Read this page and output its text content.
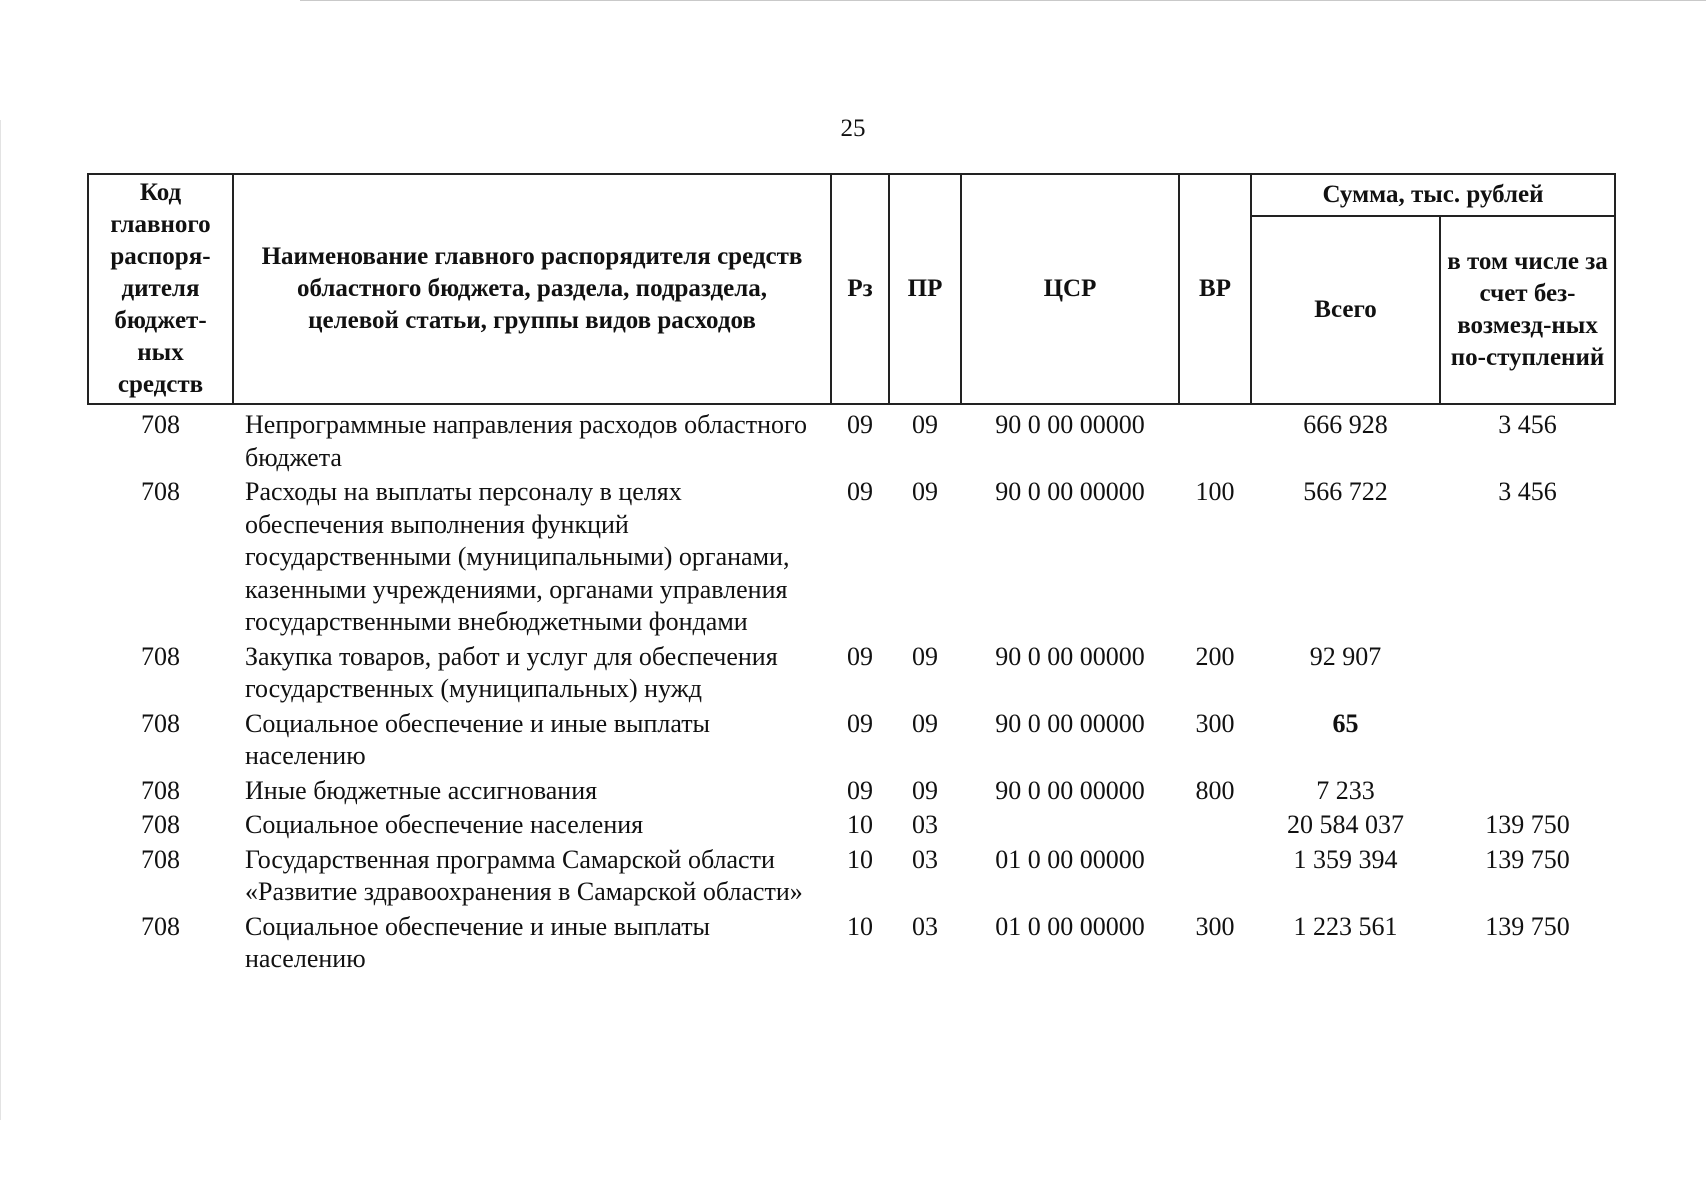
25
Код главного распоря-дителя бюджет-ных средств	Наименование главного распорядителя средств областного бюджета, раздела, подраздела, целевой статьи, группы видов расходов	Рз	ПР	ЦСР	ВР	Сумма, тыс. рублей	
						Всего	в том числе за счет без-возмезд-ных по-ступлений
708	Непрограммные направления расходов областного бюджета	09	09	90 0 00 00000		666 928	3 456
708	Расходы на выплаты персоналу в целях обеспечения выполнения функций государственными (муниципальными) органами, казенными учреждениями, органами управления государственными внебюджетными фондами	09	09	90 0 00 00000	100	566 722	3 456
708	Закупка товаров, работ и услуг для обеспечения государственных (муниципальных) нужд	09	09	90 0 00 00000	200	92 907	
708	Социальное обеспечение и иные выплаты населению	09	09	90 0 00 00000	300	65	
708	Иные бюджетные ассигнования	09	09	90 0 00 00000	800	7 233	
708	Социальное обеспечение населения	10	03			20 584 037	139 750
708	Государственная программа Самарской области «Развитие здравоохранения в Самарской области»	10	03	01 0 00 00000		1 359 394	139 750
708	Социальное обеспечение и иные выплаты населению	10	03	01 0 00 00000	300	1 223 561	139 750
